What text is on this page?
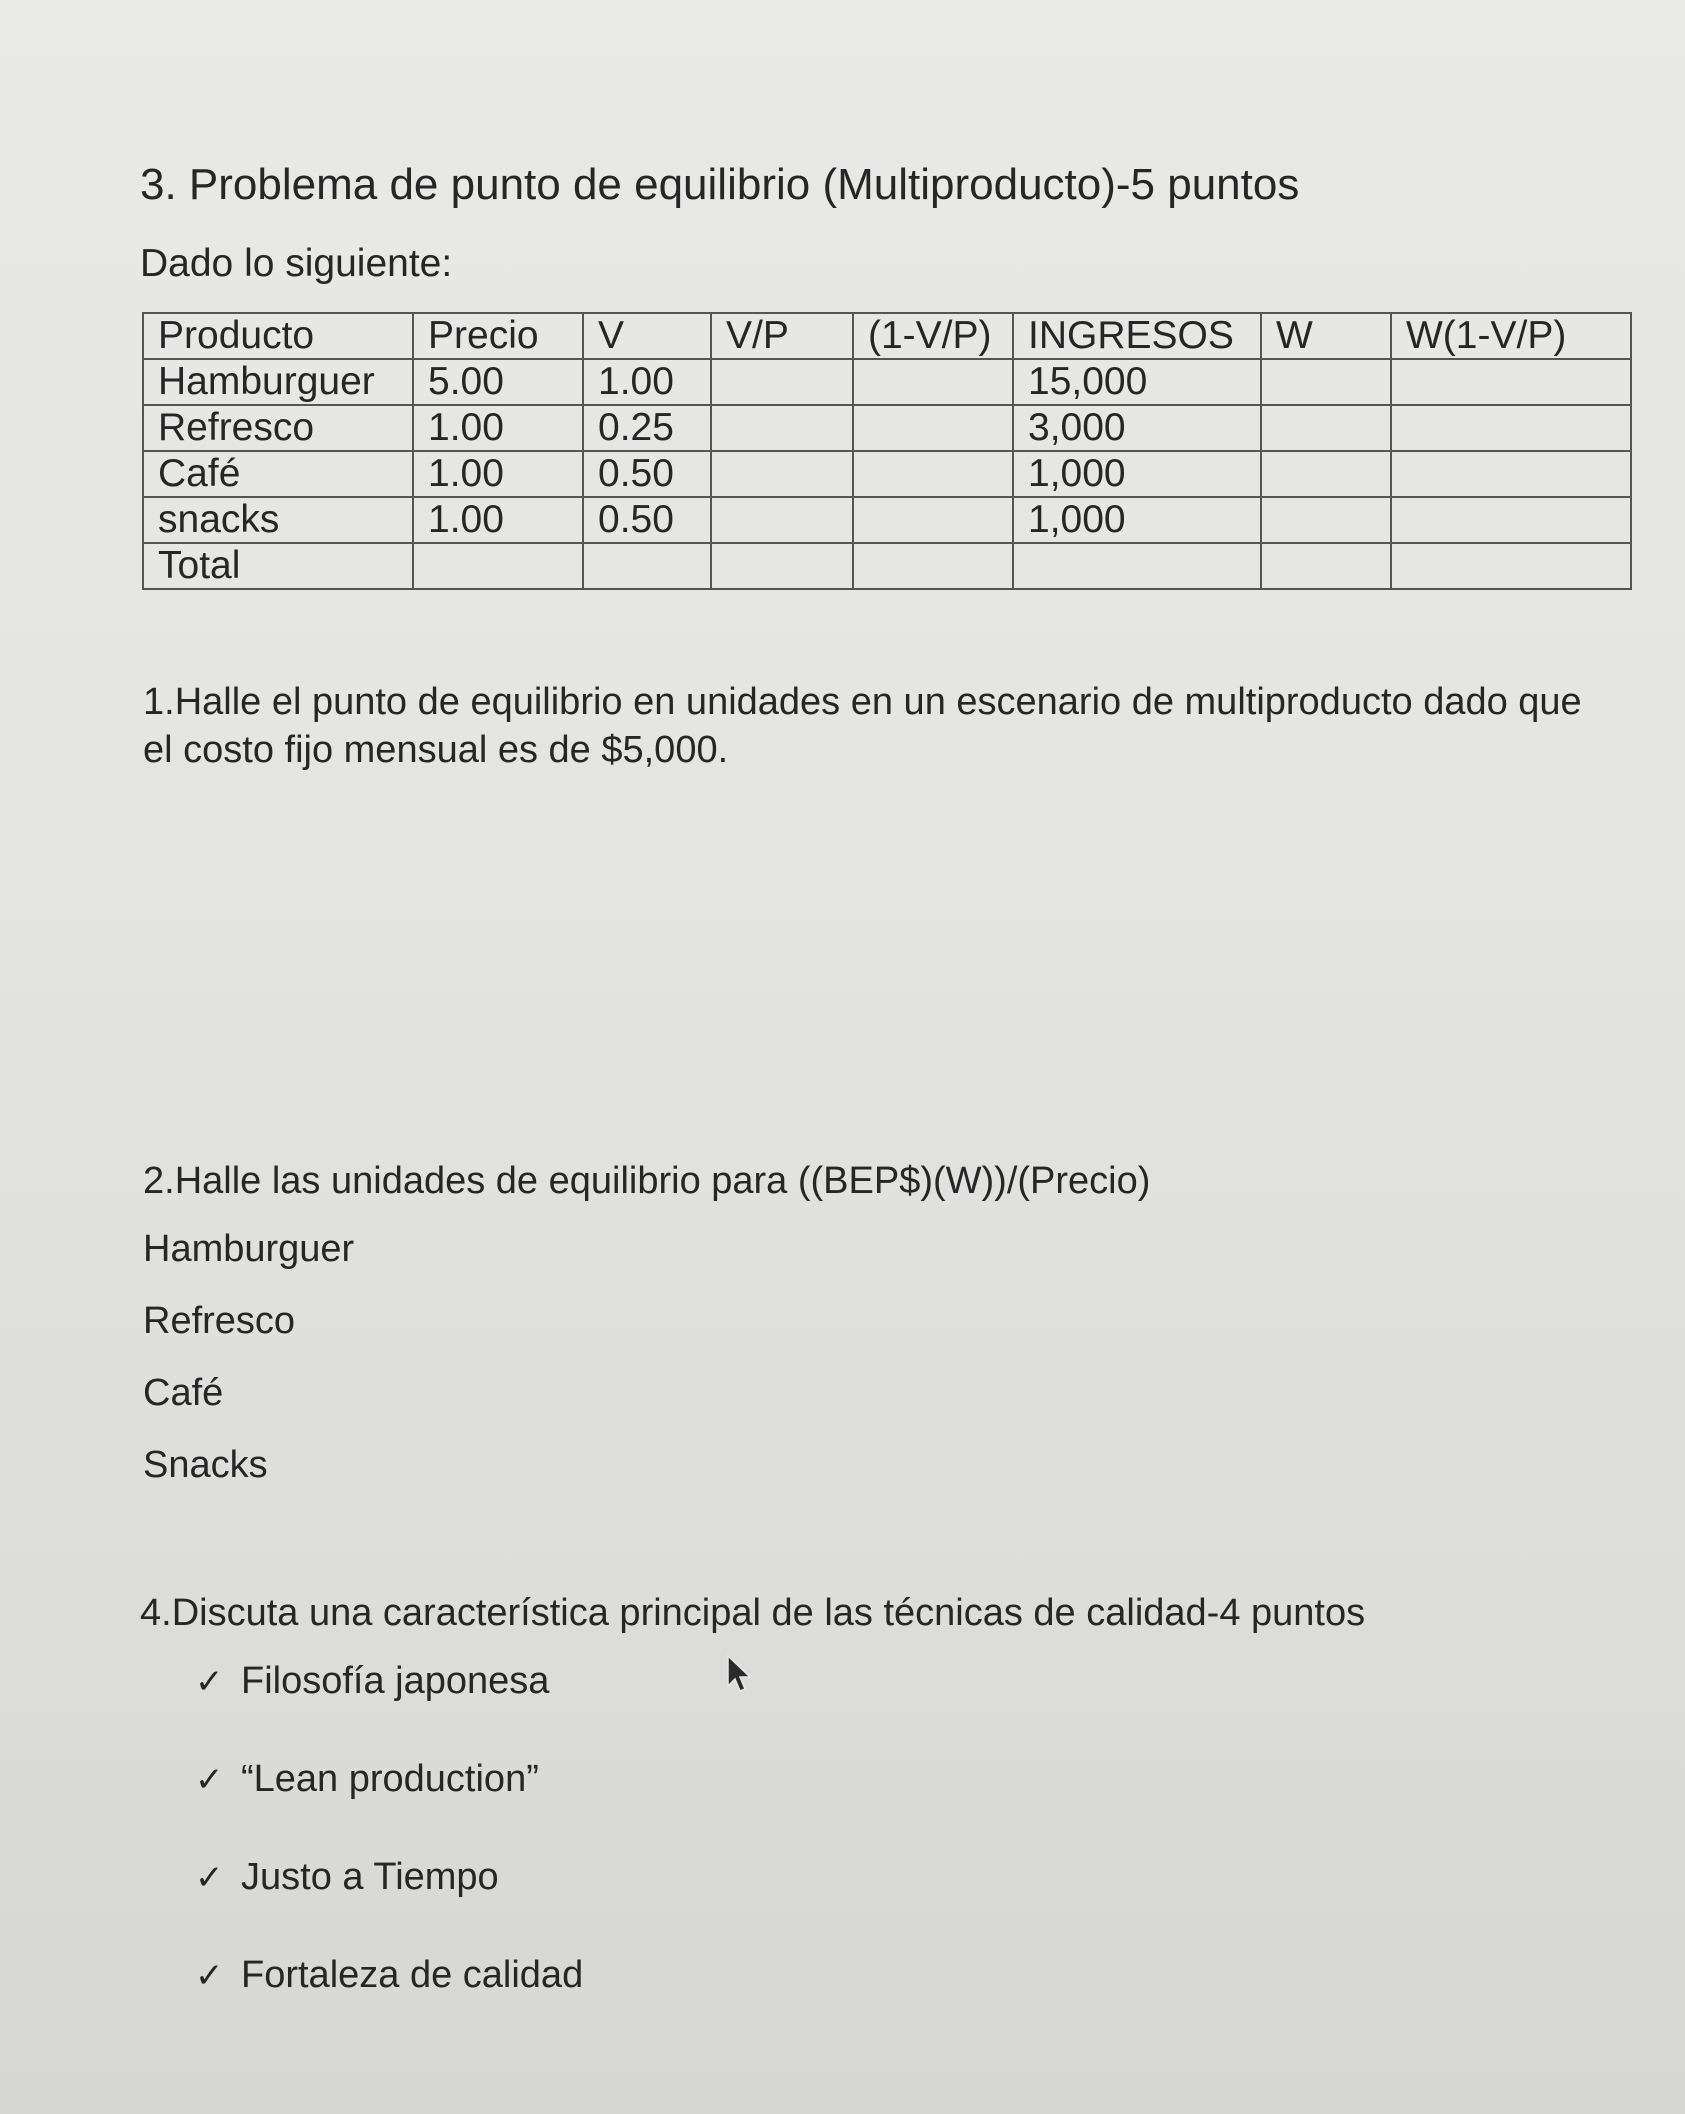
3. Problema de punto de equilibrio (Multiproducto)-5 puntos
Dado lo siguiente:
Producto	Precio	V	V/P	(1-V/P)	INGRESOS	W	W(1-V/P)
Hamburguer	5.00	1.00			15,000		
Refresco	1.00	0.25			3,000		
Café	1.00	0.50			1,000		
snacks	1.00	0.50			1,000		
Total							
1.Halle el punto de equilibrio en unidades en un escenario de multiproducto dado que el costo fijo mensual es de $5,000.
2.Halle las unidades de equilibrio para ((BEP$)(W))/(Precio)
Hamburguer
Refresco
Café
Snacks
4.Discuta una característica principal de las técnicas de calidad-4 puntos
✓ Filosofía japonesa
✓ “Lean production”
✓ Justo a Tiempo
✓ Fortaleza de calidad
